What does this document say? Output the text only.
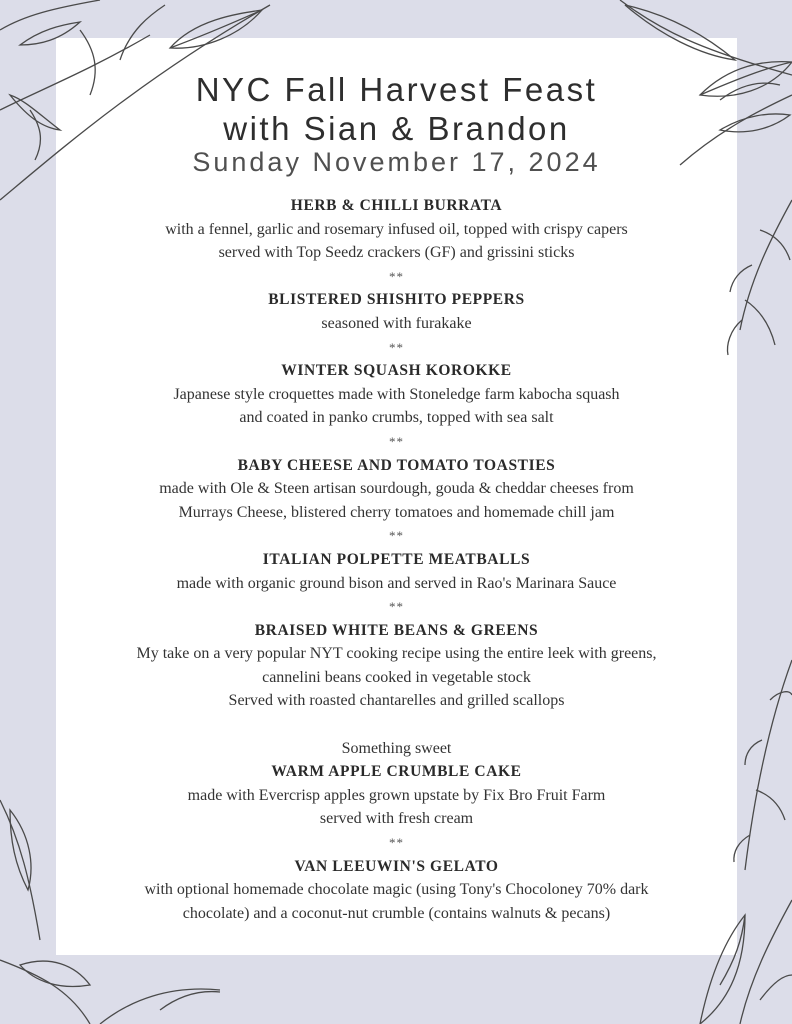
NYC Fall Harvest Feast
with Sian & Brandon
Sunday November 17, 2024
HERB & CHILLI BURRATA
with a fennel, garlic and rosemary infused oil, topped with crispy capers
served with Top Seedz crackers (GF) and grissini sticks
**
BLISTERED SHISHITO PEPPERS
seasoned with furakake
**
WINTER SQUASH KOROKKE
Japanese style croquettes made with Stoneledge farm kabocha squash
and coated in panko crumbs, topped with sea salt
**
BABY CHEESE AND TOMATO TOASTIES
made with Ole & Steen artisan sourdough, gouda & cheddar cheeses from
Murrays Cheese, blistered cherry tomatoes and homemade chill jam
**
ITALIAN POLPETTE MEATBALLS
made with organic ground bison and served in Rao's Marinara Sauce
**
BRAISED WHITE BEANS & GREENS
My take on a very popular NYT cooking recipe using the entire leek with greens,
cannelini beans cooked in vegetable stock
Served with roasted chantarelles and grilled scallops
Something sweet
WARM APPLE CRUMBLE CAKE
made with Evercrisp apples grown upstate by Fix Bro Fruit Farm
served with fresh cream
**
VAN LEEUWIN'S GELATO
with optional homemade chocolate magic (using Tony's Chocoloney 70% dark
chocolate) and a coconut-nut crumble (contains walnuts & pecans)
